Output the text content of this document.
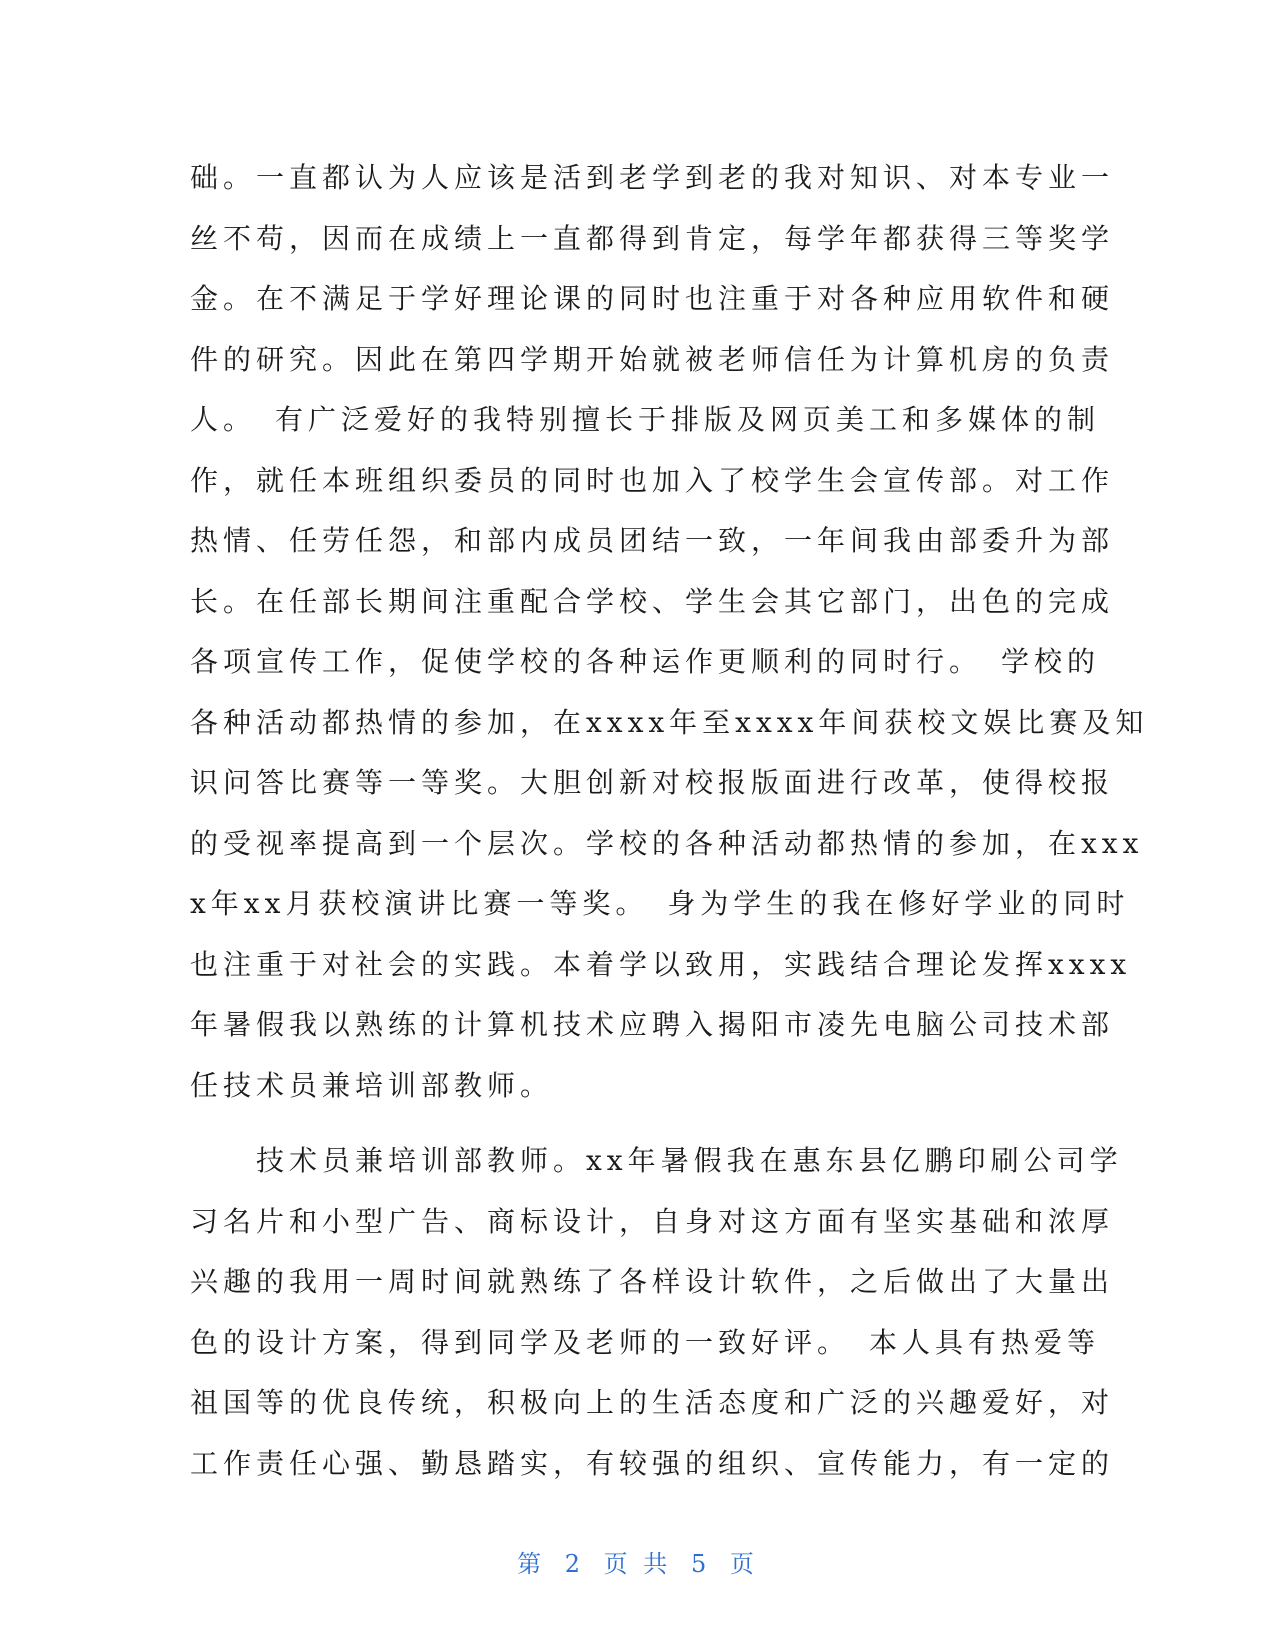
础。一直都认为人应该是活到老学到老的我对知识、对本专业一
丝不苟，因而在成绩上一直都得到肯定，每学年都获得三等奖学
金。在不满足于学好理论课的同时也注重于对各种应用软件和硬
件的研究。因此在第四学期开始就被老师信任为计算机房的负责
人。　有广泛爱好的我特别擅长于排版及网页美工和多媒体的制
作，就任本班组织委员的同时也加入了校学生会宣传部。对工作
热情、任劳任怨，和部内成员团结一致，一年间我由部委升为部
长。在任部长期间注重配合学校、学生会其它部门，出色的完成
各项宣传工作，促使学校的各种运作更顺利的同时行。　学校的
各种活动都热情的参加，在xxxx年至xxxx年间获校文娱比赛及知
识问答比赛等一等奖。大胆创新对校报版面进行改革，使得校报
的受视率提高到一个层次。学校的各种活动都热情的参加，在xxx
x年xx月获校演讲比赛一等奖。　身为学生的我在修好学业的同时
也注重于对社会的实践。本着学以致用，实践结合理论发挥xxxx
年暑假我以熟练的计算机技术应聘入揭阳市凌先电脑公司技术部
任技术员兼培训部教师。
　　技术员兼培训部教师。xx年暑假我在惠东县亿鹏印刷公司学
习名片和小型广告、商标设计，自身对这方面有坚实基础和浓厚
兴趣的我用一周时间就熟练了各样设计软件，之后做出了大量出
色的设计方案，得到同学及老师的一致好评。　本人具有热爱等
祖国等的优良传统，积极向上的生活态度和广泛的兴趣爱好，对
工作责任心强、勤恳踏实，有较强的组织、宣传能力，有一定的
第 2 页 共 5 页
